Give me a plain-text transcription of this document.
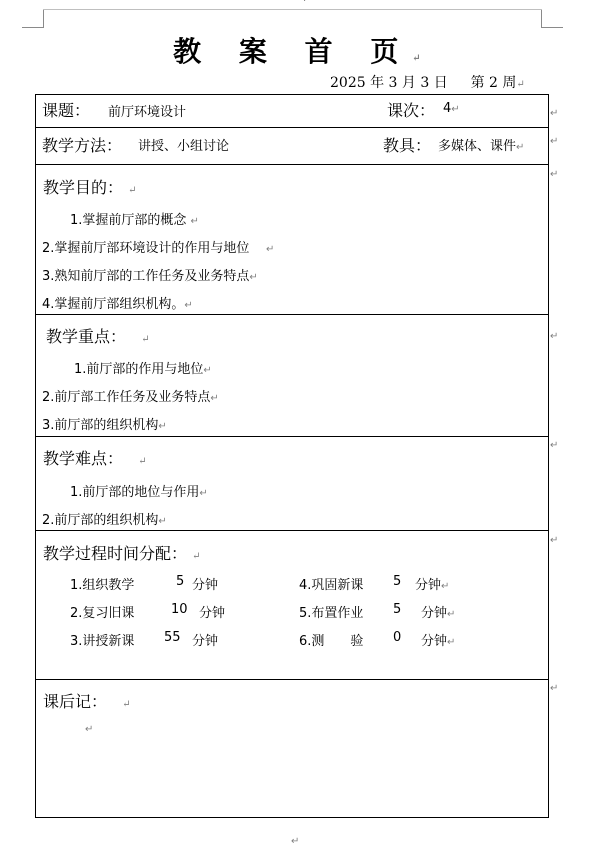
·
教 案 首 页↵
2025 年 3 月 3 日 第 2 周↵
↵
↵
↵
↵
↵
↵
↵
课题： 前厅环境设计	课次： 4↵
教学方法： 讲授、小组讨论	教具： 多媒体、课件↵
教学目的： ↵
1.掌握前厅部的概念 ↵
2.掌握前厅部环境设计的作用与地位 ↵
3.熟知前厅部的工作任务及业务特点↵
4.掌握前厅部组织机构。↵
教学重点： ↵
1.前厅部的作用与地位↵
2.前厅部工作任务及业务特点↵
3.前厅部的组织机构↵
教学难点： ↵
1.前厅部的地位与作用↵
2.前厅部的组织机构↵
教学过程时间分配： ↵
1.组织教学	5 分钟	4.巩固新课 5 分钟↵
2.复习旧课	10 分钟	5.布置作业 5 分钟↵
3.讲授新课 55 分钟	6.测　　验 0 分钟↵
课后记： ↵
↵
↵
